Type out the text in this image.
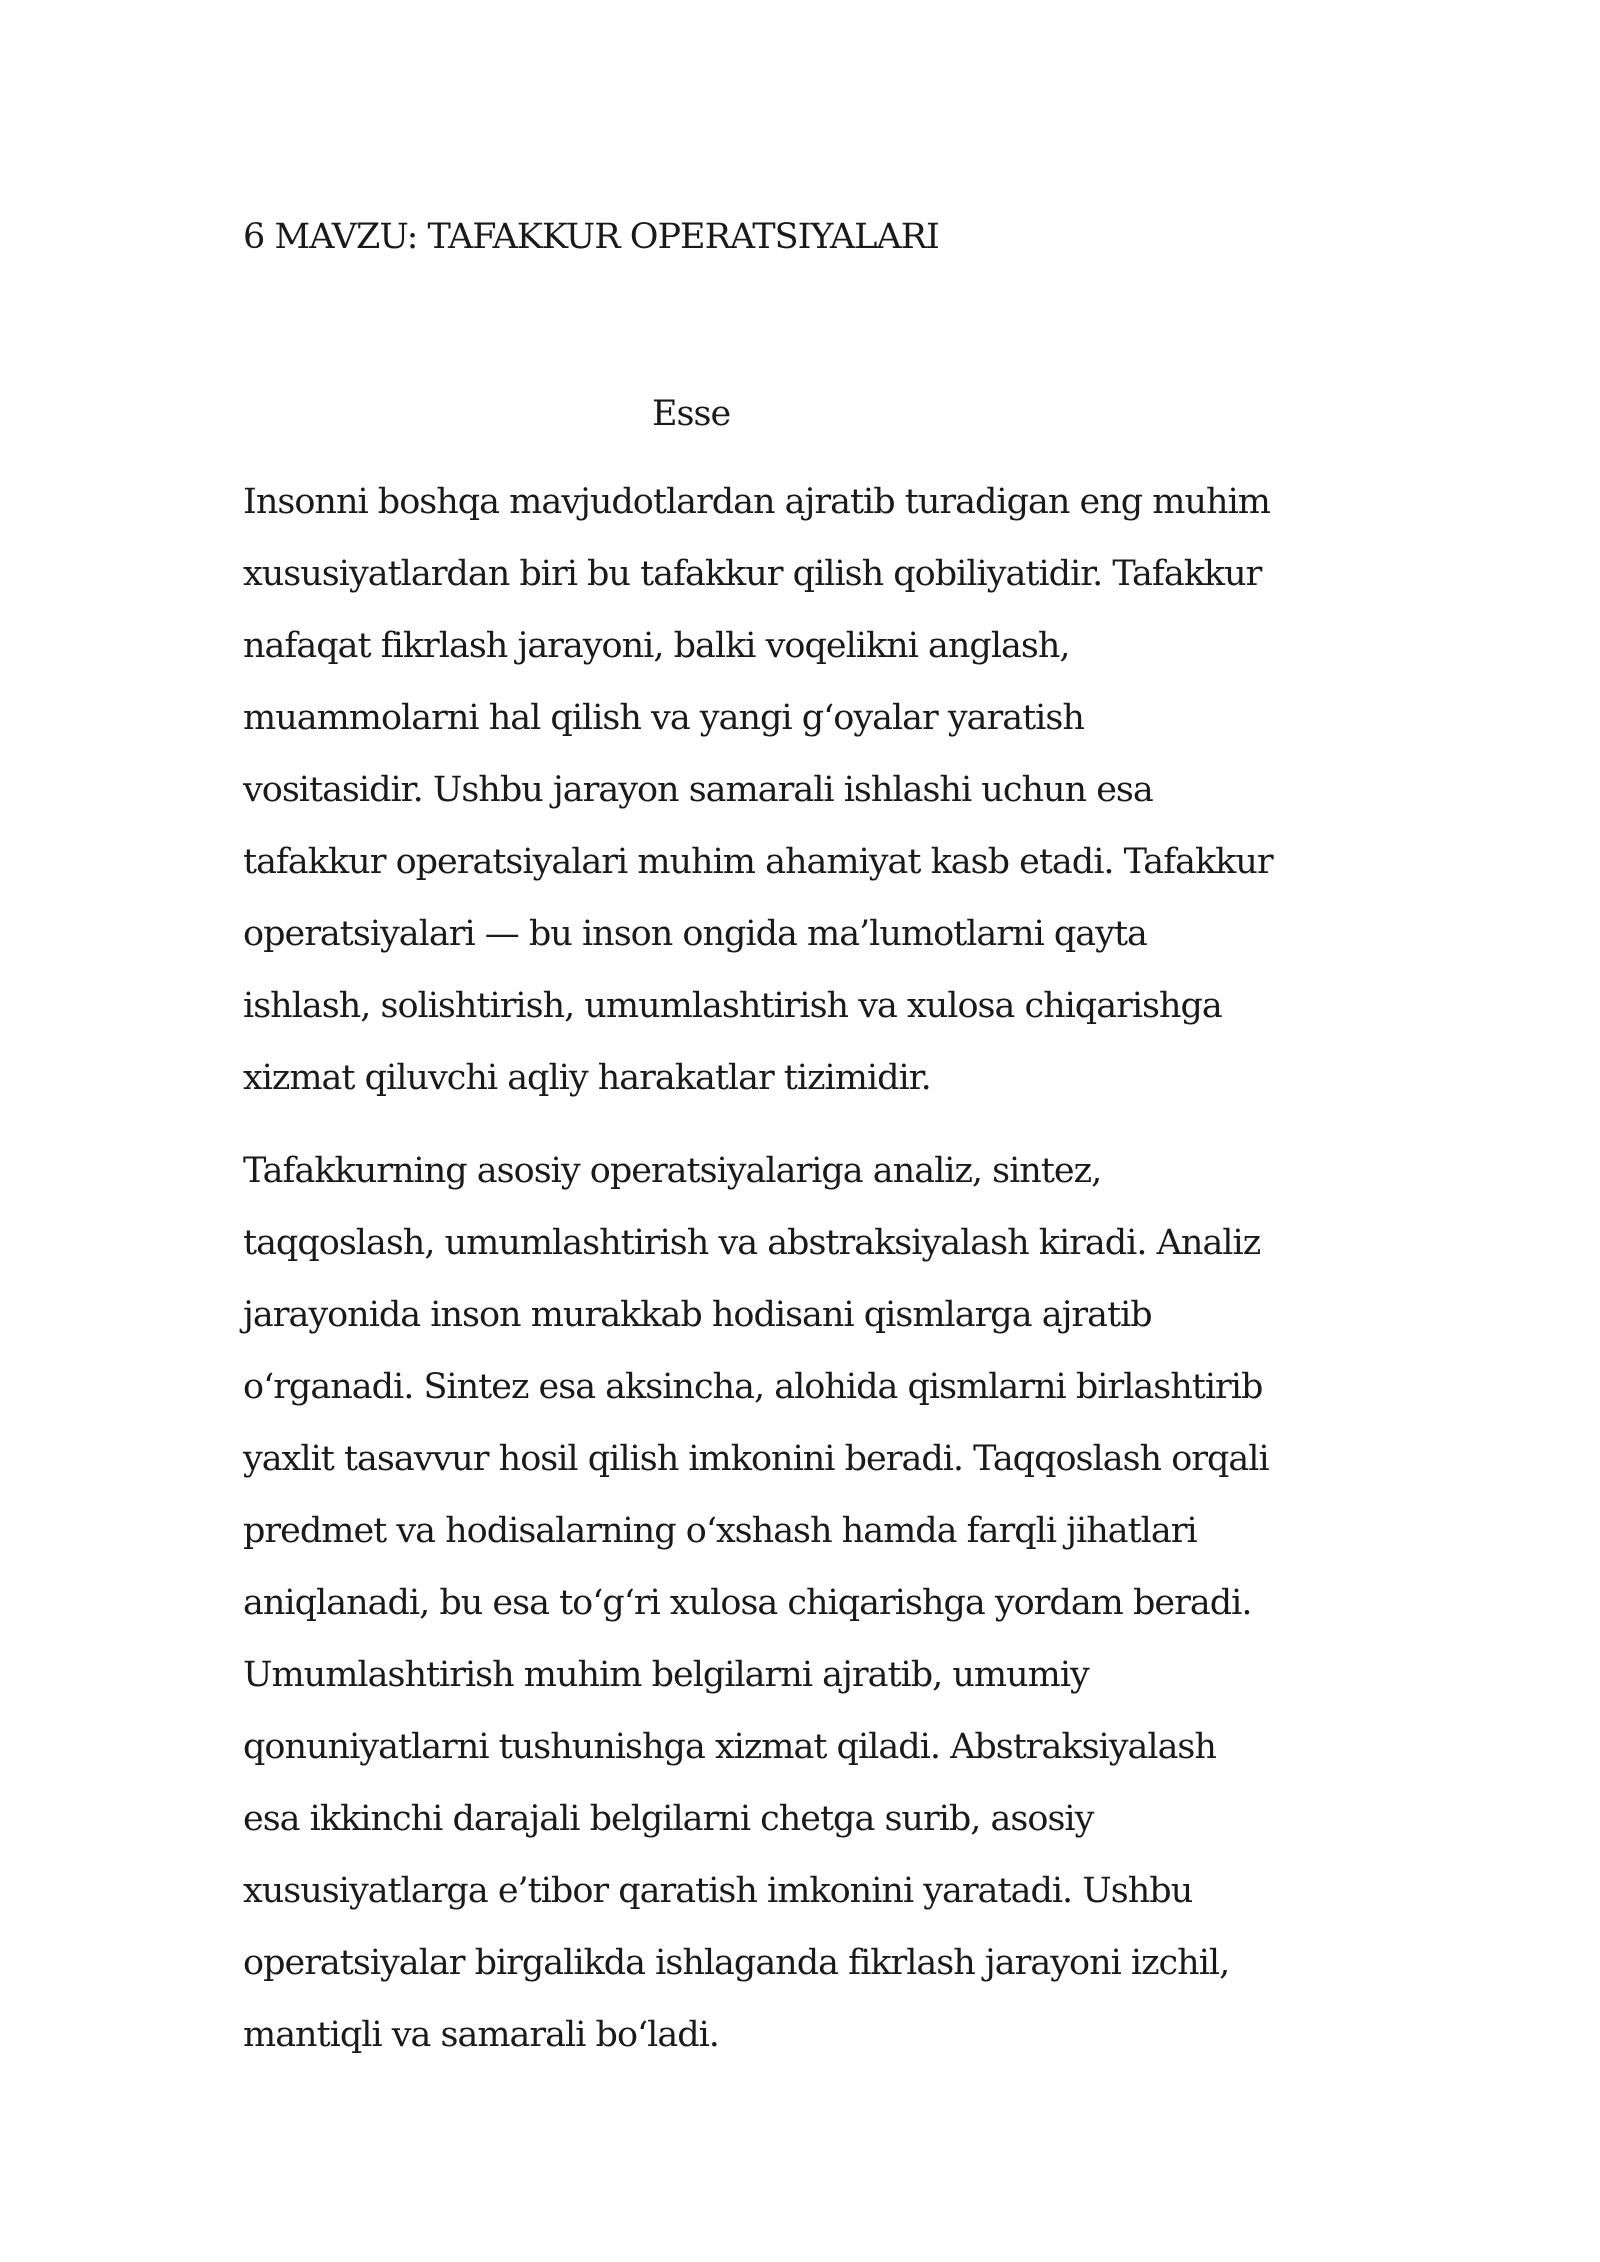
6 MAVZU: TAFAKKUR OPERATSIYALARI
Esse

Insonni boshqa mavjudotlardan ajratib turadigan eng muhim
xususiyatlardan biri bu tafakkur qilish qobiliyatidir. Tafakkur
nafaqat fikrlash jarayoni, balki voqelikni anglash,
muammolarni hal qilish va yangi g‘oyalar yaratish
vositasidir. Ushbu jarayon samarali ishlashi uchun esa
tafakkur operatsiyalari muhim ahamiyat kasb etadi. Tafakkur
operatsiyalari — bu inson ongida ma’lumotlarni qayta
ishlash, solishtirish, umumlashtirish va xulosa chiqarishga
xizmat qiluvchi aqliy harakatlar tizimidir.

Tafakkurning asosiy operatsiyalariga analiz, sintez,
taqqoslash, umumlashtirish va abstraksiyalash kiradi. Analiz
jarayonida inson murakkab hodisani qismlarga ajratib
o‘rganadi. Sintez esa aksincha, alohida qismlarni birlashtirib
yaxlit tasavvur hosil qilish imkonini beradi. Taqqoslash orqali
predmet va hodisalarning o‘xshash hamda farqli jihatlari
aniqlanadi, bu esa to‘g‘ri xulosa chiqarishga yordam beradi.
Umumlashtirish muhim belgilarni ajratib, umumiy
qonuniyatlarni tushunishga xizmat qiladi. Abstraksiyalash
esa ikkinchi darajali belgilarni chetga surib, asosiy
xususiyatlarga e’tibor qaratish imkonini yaratadi. Ushbu
operatsiyalar birgalikda ishlaganda fikrlash jarayoni izchil,
mantiqli va samarali bo‘ladi.
